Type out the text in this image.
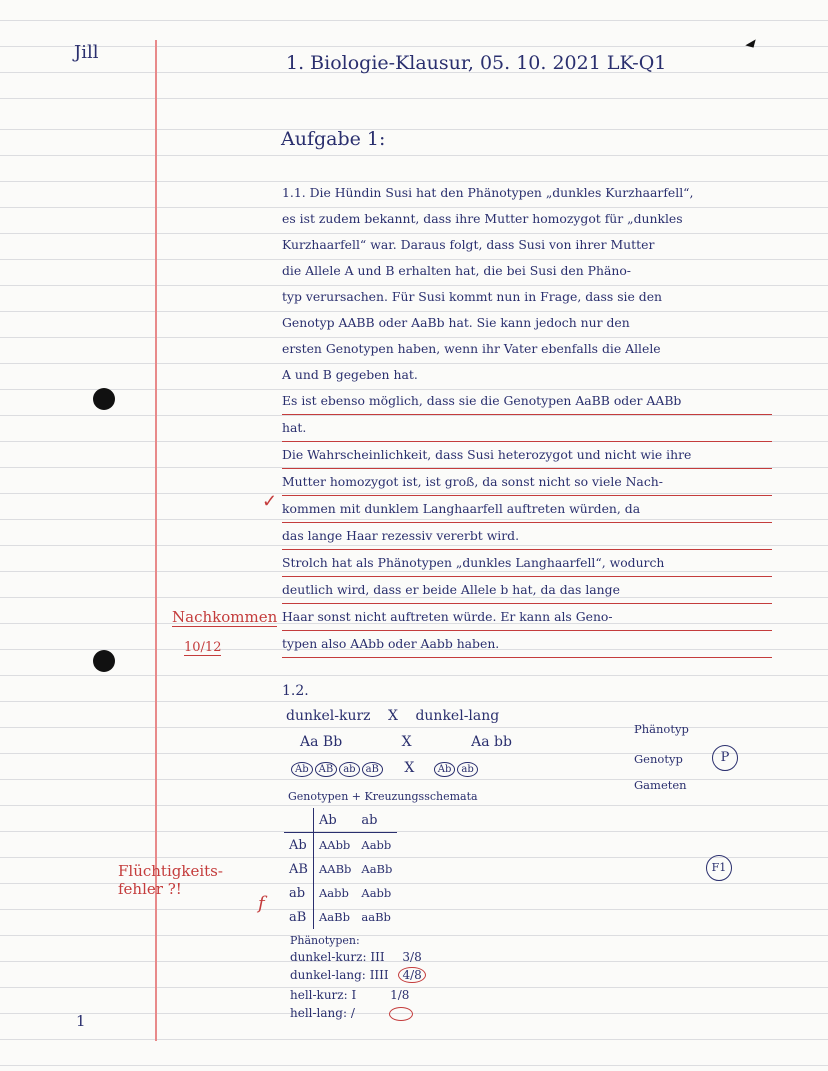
Jill	1. Biologie-Klausur, 05. 10. 2021 LK-Q1
Aufgabe 1:
1.1. Die Hündin Susi hat den Phänotypen „dunkles Kurzhaarfell“,
es ist zudem bekannt, dass ihre Mutter homozygot für „dunkles
Kurzhaarfell“ war. Daraus folgt, dass Susi von ihrer Mutter
die Allele A und B erhalten hat, die bei Susi den Phäno-
typ verursachen. Für Susi kommt nun in Frage, dass sie den
Genotyp AABB oder AaBb hat. Sie kann jedoch nur den
ersten Genotypen haben, wenn ihr Vater ebenfalls die Allele
A und B gegeben hat.
Es ist ebenso möglich, dass sie die Genotypen AaBB oder AABb
hat.
Die Wahrscheinlichkeit, dass Susi heterozygot und nicht wie ihre
Mutter homozygot ist, ist groß, da sonst nicht so viele Nach-
kommen mit dunklem Langhaarfell auftreten würden, da
das lange Haar rezessiv vererbt wird.
Strolch hat als Phänotypen „dunkles Langhaarfell“, wodurch
deutlich wird, dass er beide Allele b hat, da das lange
Haar sonst nicht auftreten würde. Er kann als Geno-
typen also AAbb oder Aabb haben.
✓
Nachkommen
10/12
1.2.
dunkel-kurz X dunkel-lang
Aa Bb	X	Aa bb
Ab AB ab aB X Ab ab
Phänotyp
Genotyp
Gameten
P
F1
Genotypen + Kreuzungsschemata
	Ab	ab
Ab	AAbb	Aabb
AB	AABb	AaBb
ab	Aabb	Aabb
aB	AaBb	aaBb
Flüchtigkeits- fehler ?!
f
Phänotypen:
dunkel-kurz: III 3/8
dunkel-lang: IIII 4/8
hell-kurz: I	1/8
hell-lang: /
1
